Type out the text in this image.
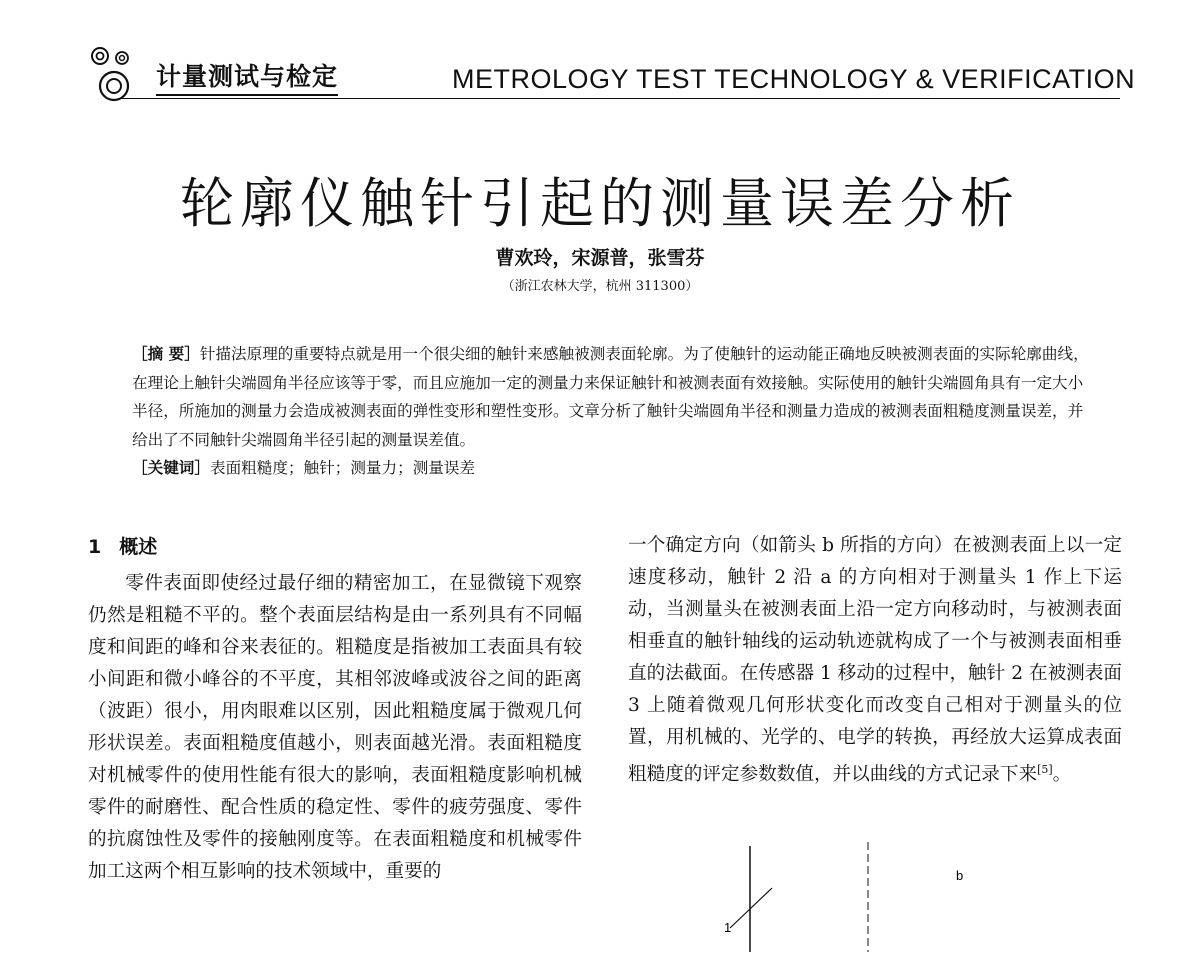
计量测试与检定	METROLOGY TEST TECHNOLOGY & VERIFICATION
轮廓仪触针引起的测量误差分析
曹欢玲，宋源普，张雪芬
（浙江农林大学，杭州 311300）

［摘 要］针描法原理的重要特点就是用一个很尖细的触针来感触被测表面轮廓。为了使触针的运动能正确地反映被测表面的实际轮廓曲线，在理论上触针尖端圆角半径应该等于零，而且应施加一定的测量力来保证触针和被测表面有效接触。实际使用的触针尖端圆角具有一定大小半径，所施加的测量力会造成被测表面的弹性变形和塑性变形。文章分析了触针尖端圆角半径和测量力造成的被测表面粗糙度测量误差，并给出了不同触针尖端圆角半径引起的测量误差值。

［关键词］表面粗糙度；触针；测量力；测量误差

1 概述

零件表面即使经过最仔细的精密加工，在显微镜下观察仍然是粗糙不平的。整个表面层结构是由一系列具有不同幅度和间距的峰和谷来表征的。粗糙度是指被加工表面具有较小间距和微小峰谷的不平度，其相邻波峰或波谷之间的距离（波距）很小，用肉眼难以区别，因此粗糙度属于微观几何形状误差。表面粗糙度值越小，则表面越光滑。表面粗糙度对机械零件的使用性能有很大的影响，表面粗糙度影响机械零件的耐磨性、配合性质的稳定性、零件的疲劳强度、零件的抗腐蚀性及零件的接触刚度等。在表面粗糙度和机械零件加工这两个相互影响的技术领域中，重要的

一个确定方向（如箭头 b 所指的方向）在被测表面上以一定速度移动，触针 2 沿 a 的方向相对于测量头 1 作上下运动，当测量头在被测表面上沿一定方向移动时，与被测表面相垂直的触针轴线的运动轨迹就构成了一个与被测表面相垂直的法截面。在传感器 1 移动的过程中，触针 2 在被测表面 3 上随着微观几何形状变化而改变自己相对于测量头的位置，用机械的、光学的、电学的转换，再经放大运算成表面粗糙度的评定参数数值，并以曲线的方式记录下来[5]。

b
1
